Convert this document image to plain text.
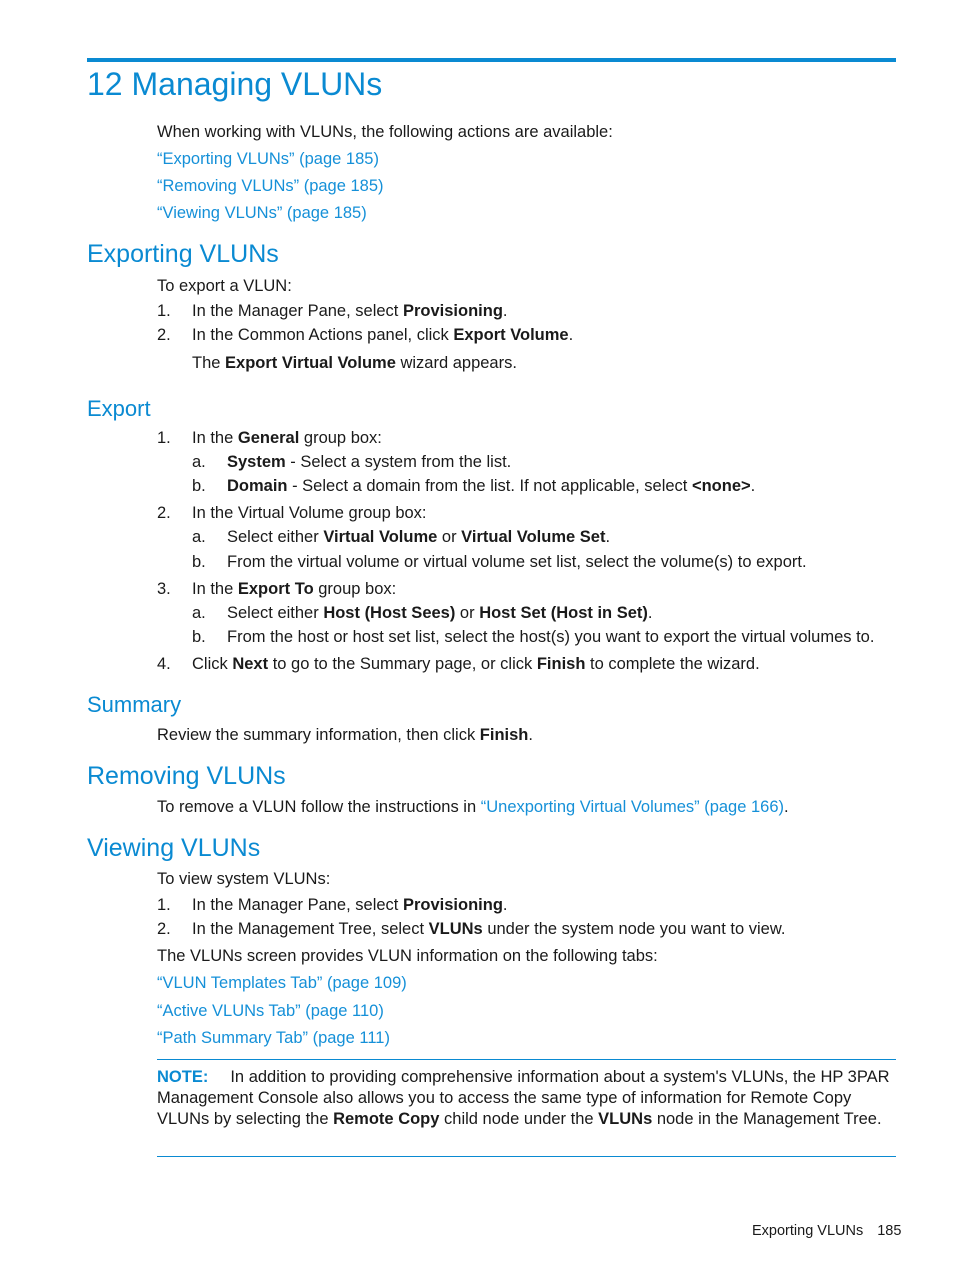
12 Managing VLUNs
When working with VLUNs, the following actions are available:
“Exporting VLUNs” (page 185)
“Removing VLUNs” (page 185)
“Viewing VLUNs” (page 185)
Exporting VLUNs
To export a VLUN:
1. In the Manager Pane, select Provisioning.
2. In the Common Actions panel, click Export Volume.
The Export Virtual Volume wizard appears.
Export
1. In the General group box:
a. System - Select a system from the list.
b. Domain - Select a domain from the list. If not applicable, select <none>.
2. In the Virtual Volume group box:
a. Select either Virtual Volume or Virtual Volume Set.
b. From the virtual volume or virtual volume set list, select the volume(s) to export.
3. In the Export To group box:
a. Select either Host (Host Sees) or Host Set (Host in Set).
b. From the host or host set list, select the host(s) you want to export the virtual volumes to.
4. Click Next to go to the Summary page, or click Finish to complete the wizard.
Summary
Review the summary information, then click Finish.
Removing VLUNs
To remove a VLUN follow the instructions in “Unexporting Virtual Volumes” (page 166).
Viewing VLUNs
To view system VLUNs:
1. In the Manager Pane, select Provisioning.
2. In the Management Tree, select VLUNs under the system node you want to view.
The VLUNs screen provides VLUN information on the following tabs:
“VLUN Templates Tab” (page 109)
“Active VLUNs Tab” (page 110)
“Path Summary Tab” (page 111)
NOTE: In addition to providing comprehensive information about a system's VLUNs, the HP 3PAR Management Console also allows you to access the same type of information for Remote Copy VLUNs by selecting the Remote Copy child node under the VLUNs node in the Management Tree.
Exporting VLUNs 185
